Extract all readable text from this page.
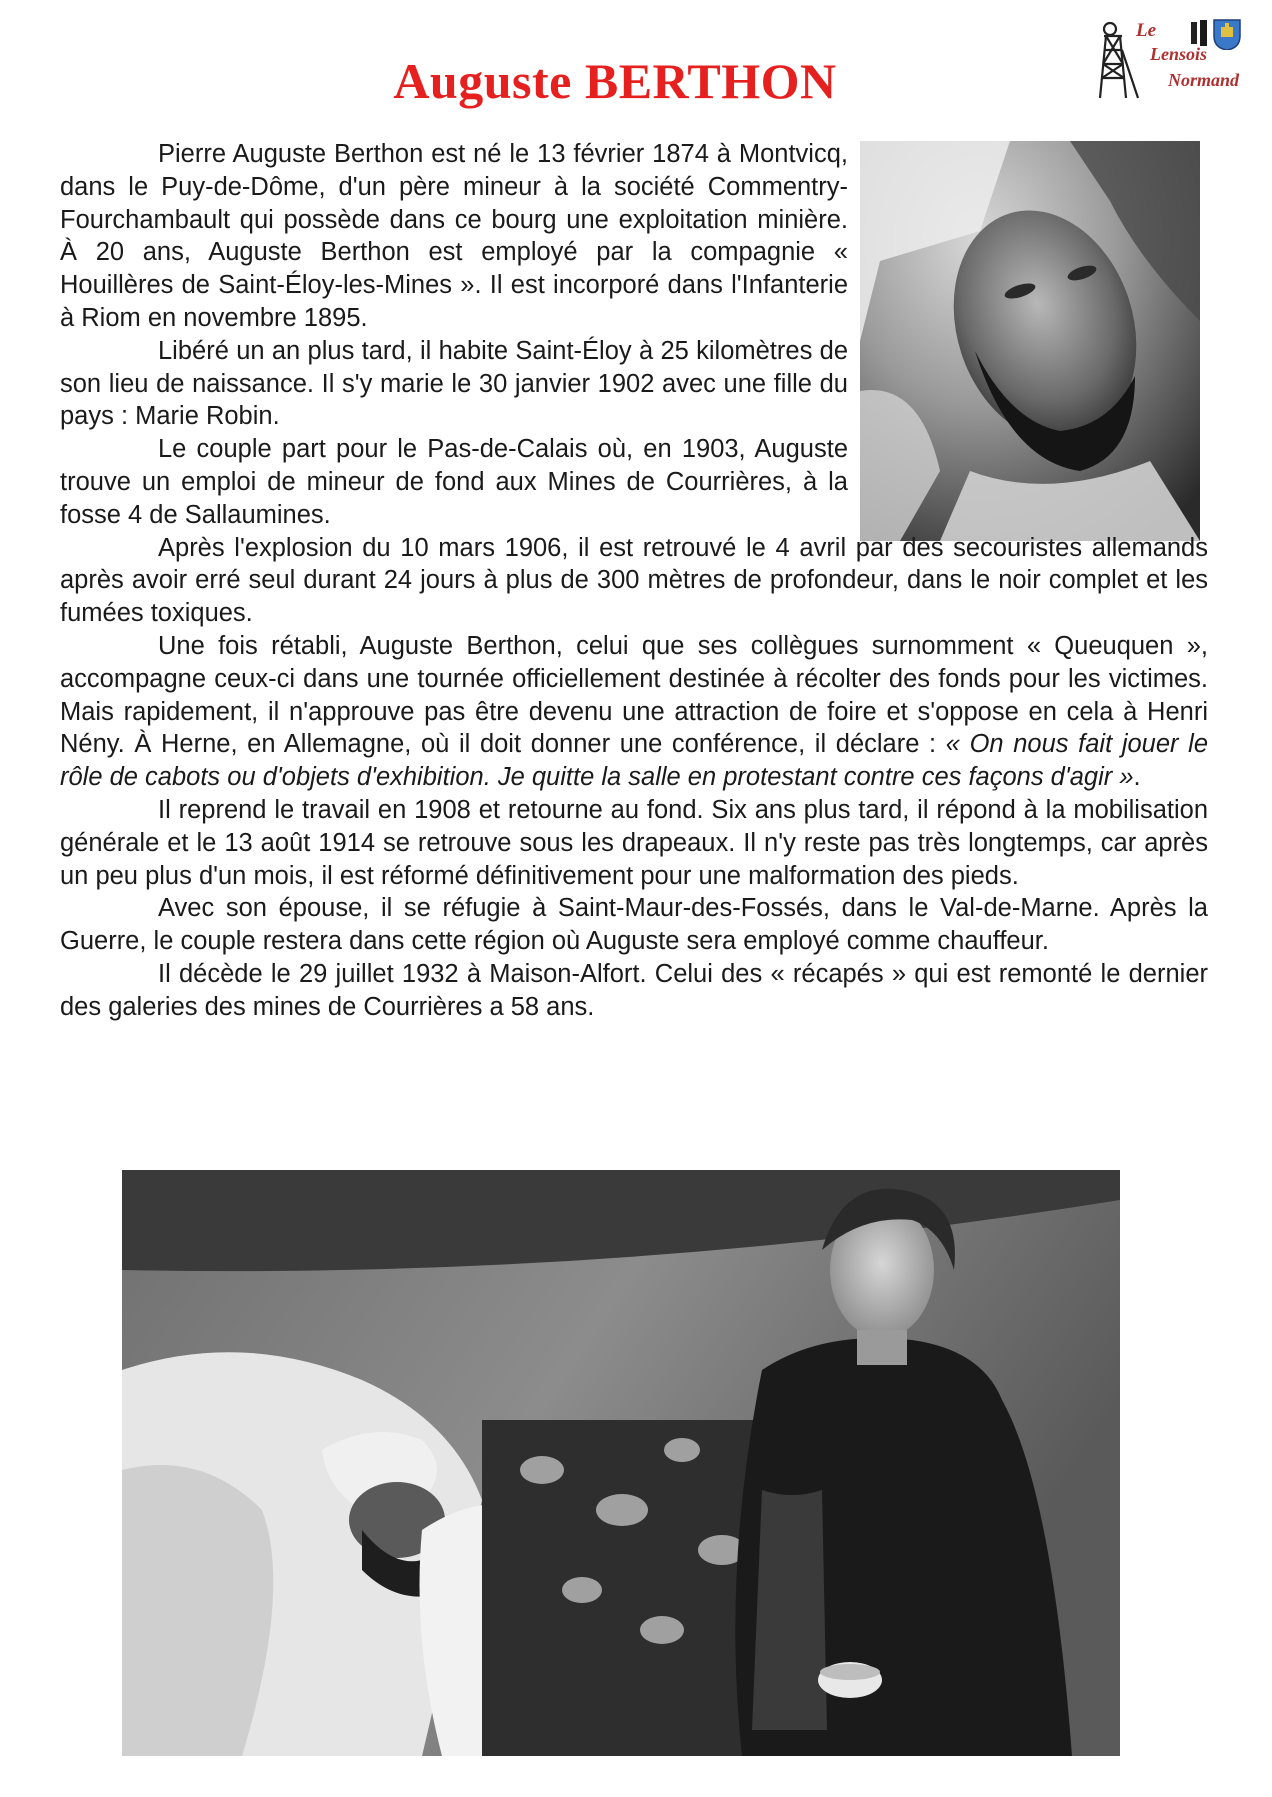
Auguste BERTHON
Le
Lensois
Normand

Pierre Auguste Berthon est né le 13 février 1874 à Montvicq, dans le Puy-de-Dôme, d'un père mineur à la société Commentry-Fourchambault qui possède dans ce bourg une exploitation minière. À 20 ans, Auguste Berthon est employé par la compagnie « Houillères de Saint-Éloy-les-Mines ». Il est incorporé dans l'Infanterie à Riom en novembre 1895.

Libéré un an plus tard, il habite Saint-Éloy à 25 kilomètres de son lieu de naissance. Il s'y marie le 30 janvier 1902 avec une fille du pays : Marie Robin.

Le couple part pour le Pas-de-Calais où, en 1903, Auguste trouve un emploi de mineur de fond aux Mines de Courrières, à la fosse 4 de Sallaumines.

Après l'explosion du 10 mars 1906, il est retrouvé le 4 avril par des secouristes allemands après avoir erré seul durant 24 jours à plus de 300 mètres de profondeur, dans le noir complet et les fumées toxiques.

Une fois rétabli, Auguste Berthon, celui que ses collègues surnomment « Queuquen », accompagne ceux-ci dans une tournée officiellement destinée à récolter des fonds pour les victimes. Mais rapidement, il n'approuve pas être devenu une attraction de foire et s'oppose en cela à Henri Nény. À Herne, en Allemagne, où il doit donner une conférence, il déclare : « On nous fait jouer le rôle de cabots ou d'objets d'exhibition. Je quitte la salle en protestant contre ces façons d'agir ».

Il reprend le travail en 1908 et retourne au fond. Six ans plus tard, il répond à la mobilisation générale et le 13 août 1914 se retrouve sous les drapeaux. Il n'y reste pas très longtemps, car après un peu plus d'un mois, il est réformé définitivement pour une malformation des pieds.

Avec son épouse, il se réfugie à Saint-Maur-des-Fossés, dans le Val-de-Marne. Après la Guerre, le couple restera dans cette région où Auguste sera employé comme chauffeur.

Il décède le 29 juillet 1932 à Maison-Alfort. Celui des « récapés » qui est remonté le dernier des galeries des mines de Courrières a 58 ans.
